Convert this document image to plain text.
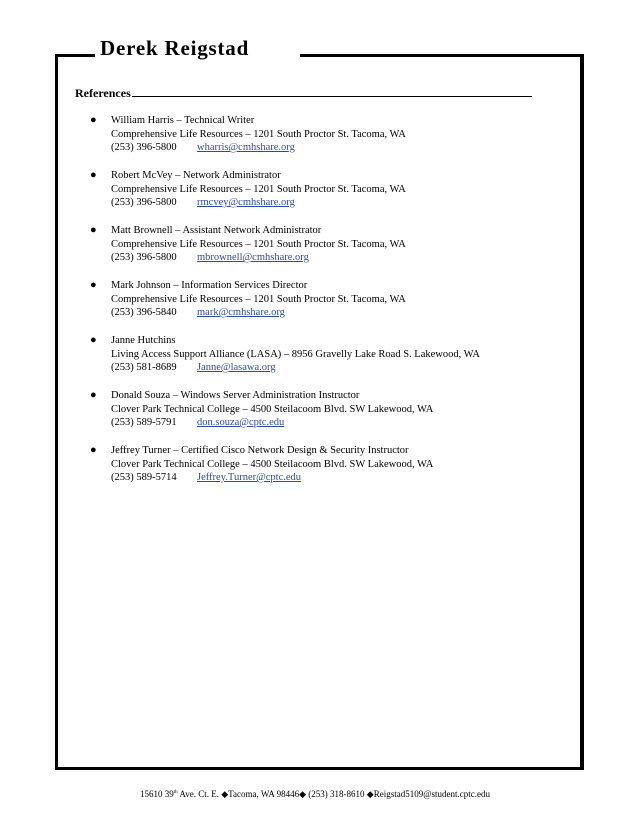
Derek Reigstad
References
● William Harris – Technical Writer
Comprehensive Life Resources – 1201 South Proctor St. Tacoma, WA
(253) 396-5800 wharris@cmhshare.org
● Robert McVey – Network Administrator
Comprehensive Life Resources – 1201 South Proctor St. Tacoma, WA
(253) 396-5800 rmcvey@cmhshare.org
● Matt Brownell – Assistant Network Administrator
Comprehensive Life Resources – 1201 South Proctor St. Tacoma, WA
(253) 396-5800 mbrownell@cmhshare.org
● Mark Johnson – Information Services Director
Comprehensive Life Resources – 1201 South Proctor St. Tacoma, WA
(253) 396-5840 mark@cmhshare.org
● Janne Hutchins
Living Access Support Alliance (LASA) – 8956 Gravelly Lake Road S. Lakewood, WA
(253) 581-8689 Janne@lasawa.org
● Donald Souza – Windows Server Administration Instructor
Clover Park Technical College – 4500 Steilacoom Blvd. SW Lakewood, WA
(253) 589-5791 don.souza@cptc.edu
● Jeffrey Turner – Certified Cisco Network Design & Security Instructor
Clover Park Technical College – 4500 Steilacoom Blvd. SW Lakewood, WA
(253) 589-5714 Jeffrey.Turner@cptc.edu
15610 39th Ave. Ct. E. ◆Tacoma, WA 98446◆ (253) 318-8610 ◆Reigstad5109@student.cptc.edu
